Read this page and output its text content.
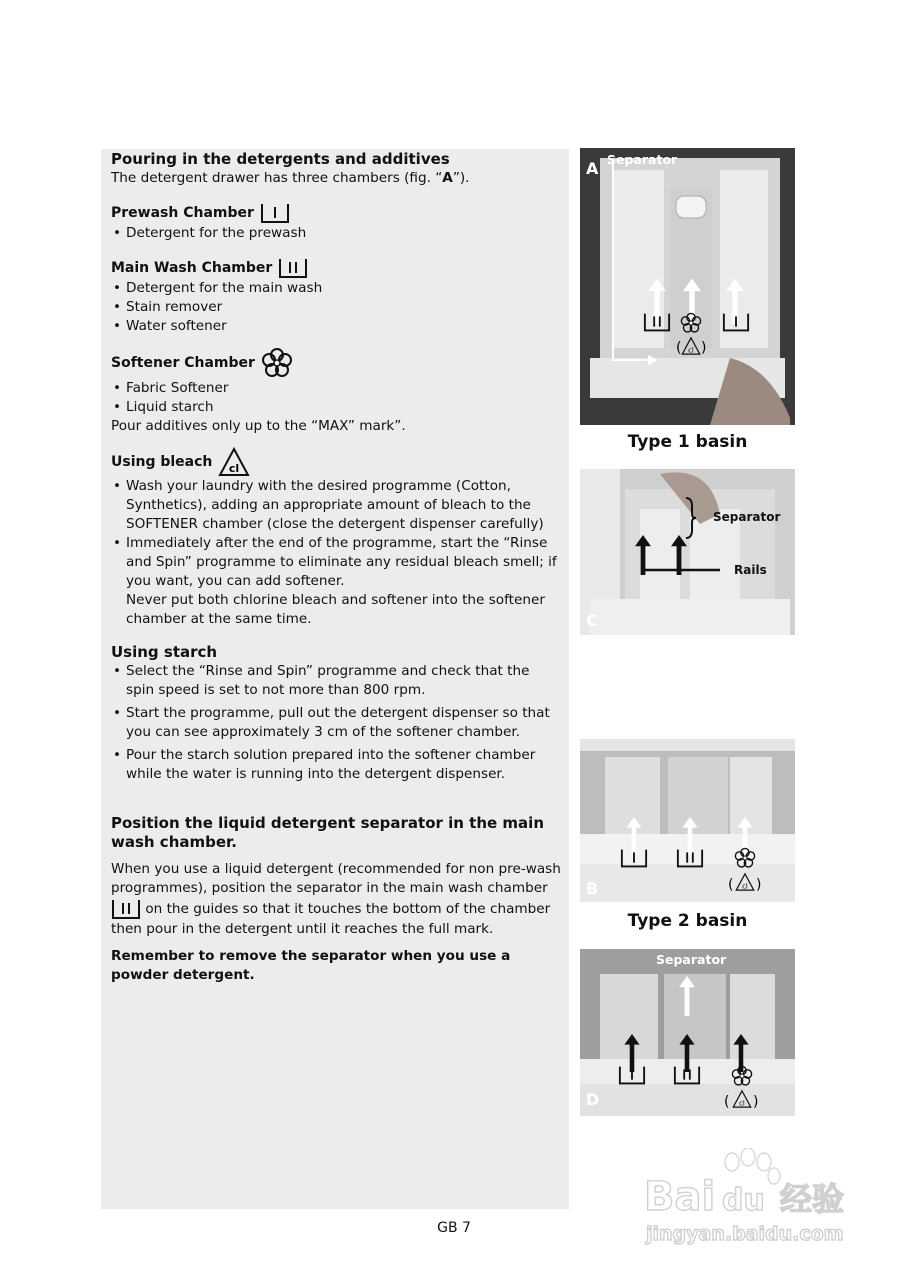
Pouring in the detergents and additives

The detergent drawer has three chambers (fig. “A”).

Prewash Chamber
• Detergent for the prewash
Main Wash Chamber
• Detergent for the main wash
• Stain remover
• Water softener
Softener Chamber
• Fabric Softener
• Liquid starch

Pour additives only up to the “MAX” mark”.

Using bleach
• Wash your laundry with the desired programme (Cotton, Synthetics), adding an appropriate amount of bleach to the SOFTENER chamber (close the detergent dispenser carefully)
• Immediately after the end of the programme, start the “Rinse and Spin” programme to eliminate any residual bleach smell; if you want, you can add softener.
Never put both chlorine bleach and softener into the softener chamber at the same time.
Using starch
• Select the “Rinse and Spin” programme and check that the spin speed is set to not more than 800 rpm.
• Start the programme, pull out the detergent dispenser so that you can see approximately 3 cm of the softener chamber.
• Pour the starch solution prepared into the softener chamber while the water is running into the detergent dispenser.
Position the liquid detergent separator in the main wash chamber.

When you use a liquid detergent (recommended for non pre-wash programmes), position the separator in the main wash chamber  on the guides so that it touches the bottom of the chamber then pour in the detergent until it reaches the full mark.

Remember to remove the separator when you use a powder detergent.

( )
A Separator
Type 1 basin
Separator
Rails
C
( )
B
Type 2 basin
( )
Separator
D
GB 7
Bai du 经验
jingyan.baidu.com
